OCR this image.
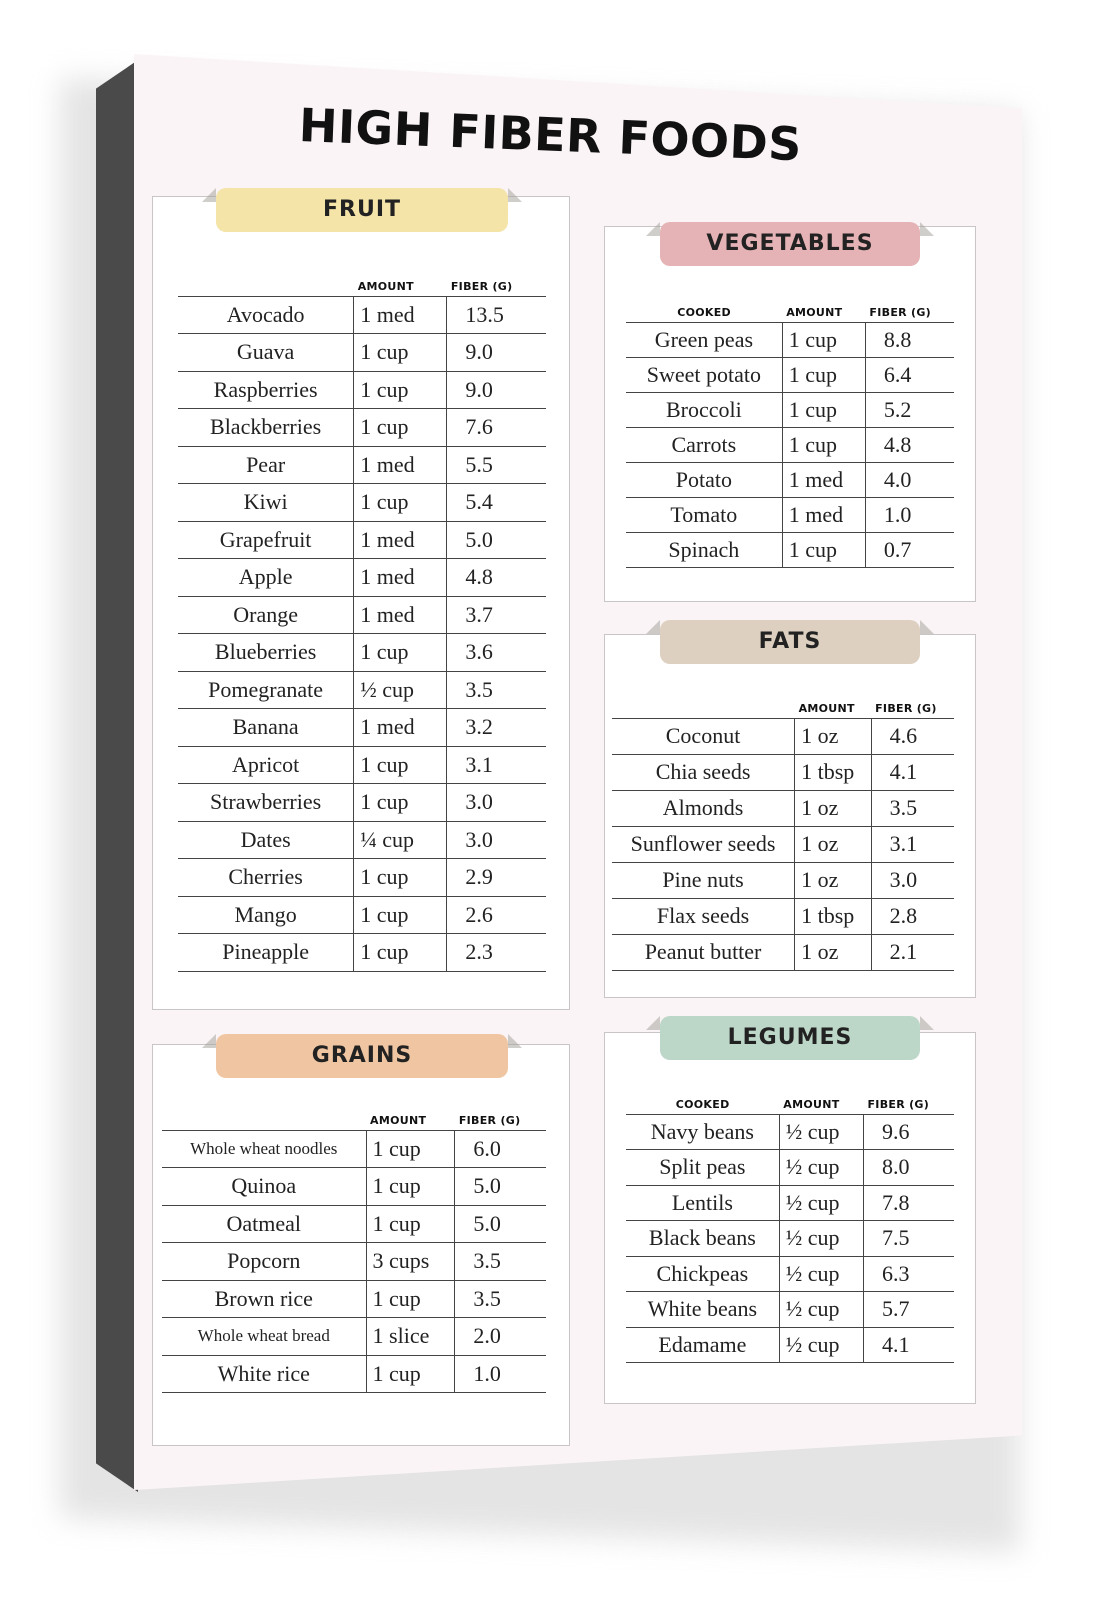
HIGH FIBER FOODS
FRUIT
	AMOUNT	FIBER (G)
Avocado	1 med	13.5
Guava	1 cup	9.0
Raspberries	1 cup	9.0
Blackberries	1 cup	7.6
Pear	1 med	5.5
Kiwi	1 cup	5.4
Grapefruit	1 med	5.0
Apple	1 med	4.8
Orange	1 med	3.7
Blueberries	1 cup	3.6
Pomegranate	½ cup	3.5
Banana	1 med	3.2
Apricot	1 cup	3.1
Strawberries	1 cup	3.0
Dates	¼ cup	3.0
Cherries	1 cup	2.9
Mango	1 cup	2.6
Pineapple	1 cup	2.3
VEGETABLES
COOKED	AMOUNT	FIBER (G)
Green peas	1 cup	8.8
Sweet potato	1 cup	6.4
Broccoli	1 cup	5.2
Carrots	1 cup	4.8
Potato	1 med	4.0
Tomato	1 med	1.0
Spinach	1 cup	0.7
FATS
	AMOUNT	FIBER (G)
Coconut	1 oz	4.6
Chia seeds	1 tbsp	4.1
Almonds	1 oz	3.5
Sunflower seeds	1 oz	3.1
Pine nuts	1 oz	3.0
Flax seeds	1 tbsp	2.8
Peanut butter	1 oz	2.1
GRAINS
	AMOUNT	FIBER (G)
Whole wheat noodles	1 cup	6.0
Quinoa	1 cup	5.0
Oatmeal	1 cup	5.0
Popcorn	3 cups	3.5
Brown rice	1 cup	3.5
Whole wheat bread	1 slice	2.0
White rice	1 cup	1.0
LEGUMES
COOKED	AMOUNT	FIBER (G)
Navy beans	½ cup	9.6
Split peas	½ cup	8.0
Lentils	½ cup	7.8
Black beans	½ cup	7.5
Chickpeas	½ cup	6.3
White beans	½ cup	5.7
Edamame	½ cup	4.1
